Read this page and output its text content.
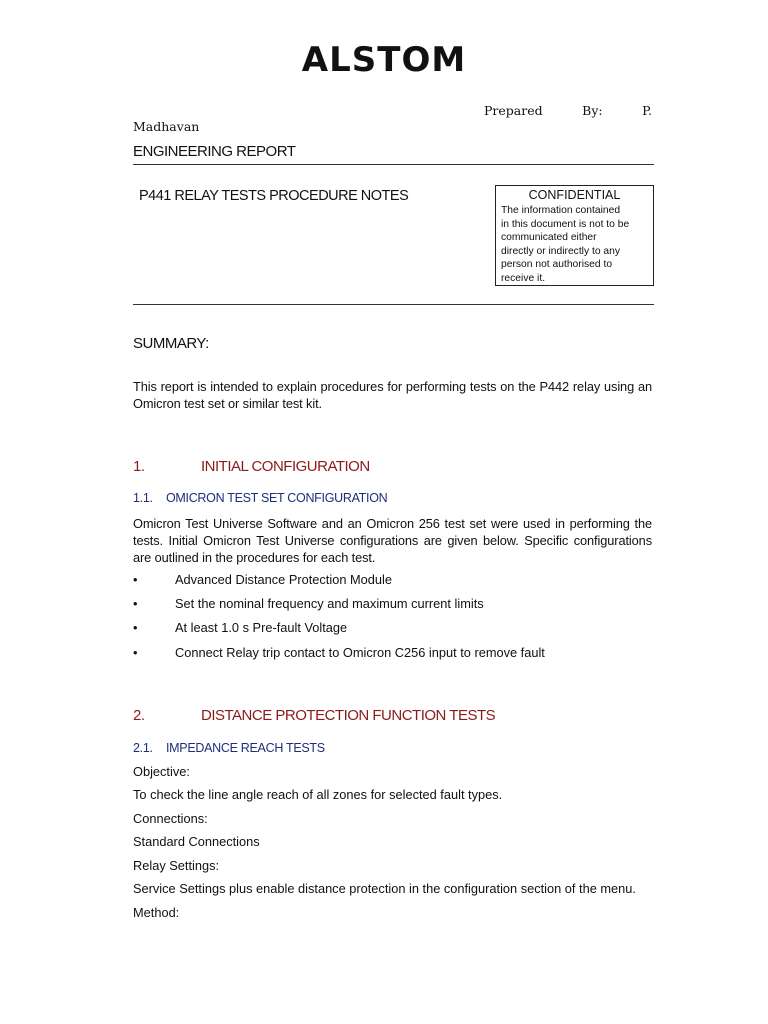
ALSTOM
Prepared	By:	P.
Madhavan
ENGINEERING REPORT
P441 RELAY TESTS PROCEDURE NOTES	CONFIDENTIAL
The information contained
in this document is not to be
communicated either
directly or indirectly to any
person not authorised to
receive it.
SUMMARY:
This report is intended to explain procedures for performing tests on the P442 relay using an Omicron test set or similar test kit.
1.	INITIAL CONFIGURATION
1.1. OMICRON TEST SET CONFIGURATION
Omicron Test Universe Software and an Omicron 256 test set were used in performing the tests. Initial Omicron Test Universe configurations are given below. Specific configurations are outlined in the procedures for each test.
•	Advanced Distance Protection Module
•	Set the nominal frequency and maximum current limits
•	At least 1.0 s Pre-fault Voltage
•	Connect Relay trip contact to Omicron C256 input to remove fault
2.	DISTANCE PROTECTION FUNCTION TESTS
2.1. IMPEDANCE REACH TESTS
Objective:
To check the line angle reach of all zones for selected fault types.
Connections:
Standard Connections
Relay Settings:
Service Settings plus enable distance protection in the configuration section of the menu.
Method:
